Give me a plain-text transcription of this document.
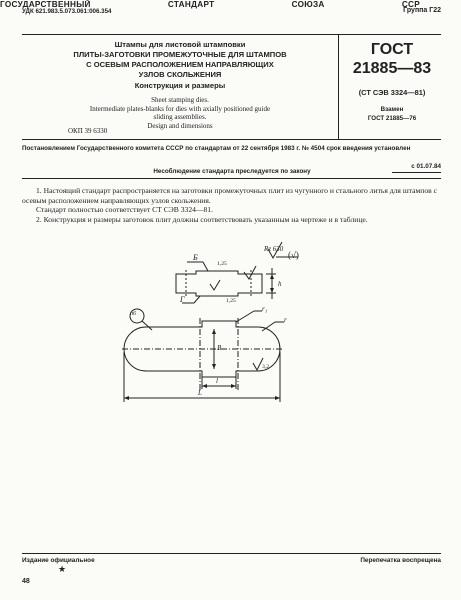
УДК 621.983.5.073.061:006.354	Группа Г22
ГОСУДАРСТВЕННЫЙ	СТАНДАРТ	СОЮЗА	ССР
Штампы для листовой штамповки
ПЛИТЫ-ЗАГОТОВКИ ПРОМЕЖУТОЧНЫЕ ДЛЯ ШТАМПОВ
С ОСЕВЫМ РАСПОЛОЖЕНИЕМ НАПРАВЛЯЮЩИХ
УЗЛОВ СКОЛЬЖЕНИЯ
Конструкция и размеры
Sheet stamping dies.
Intermediate plates-blanks for dies with axially positioned guide
sliding assemblies.
Design and dimensions
ОКП 39 6330
ГОСТ
21885—83
(СТ СЭВ 3324—81)
Взамен
ГОСТ 21885—76
Постановлением Государственного комитета СССР по стандартам от 22 сентября 1983 г. № 4504 срок введения установлен
с 01.07.84
Несоблюдение стандарта преследуется по закону
1. Настоящий стандарт распространяется на заготовки промежуточных плит из чугунного и стального литья для штампов с осевым расположением направляющих узлов скольжения.
Стандарт полностью соответствует СТ СЭВ 3324—81.
2. Конструкция и размеры заготовок плит должны соответствовать указанным на чертеже и в таблице.
Rz 630
(√)
Б
Г
1,25
1,25
h
n6
r₁
r
B
l
L
3,2
Издание официальное	Перепечатка воспрещена
★
48
